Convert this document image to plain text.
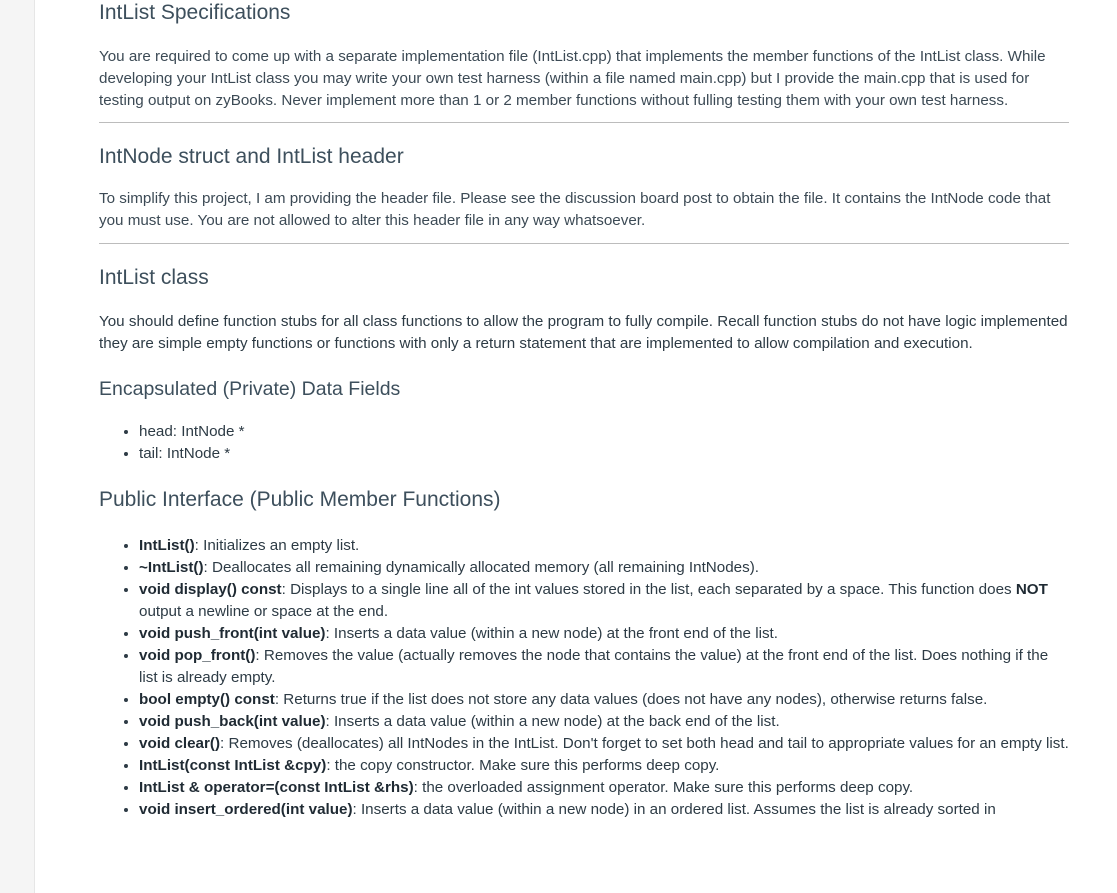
IntList Specifications

You are required to come up with a separate implementation file (IntList.cpp) that implements the member functions of the IntList class. While developing your IntList class you may write your own test harness (within a file named main.cpp) but I provide the main.cpp that is used for testing output on zyBooks. Never implement more than 1 or 2 member functions without fulling testing them with your own test harness.

IntNode struct and IntList header

To simplify this project, I am providing the header file. Please see the discussion board post to obtain the file. It contains the IntNode code that you must use. You are not allowed to alter this header file in any way whatsoever.

IntList class

You should define function stubs for all class functions to allow the program to fully compile. Recall function stubs do not have logic implemented they are simple empty functions or functions with only a return statement that are implemented to allow compilation and execution.

Encapsulated (Private) Data Fields
• head: IntNode *
• tail: IntNode *
Public Interface (Public Member Functions)
• IntList(): Initializes an empty list.
• ~IntList(): Deallocates all remaining dynamically allocated memory (all remaining IntNodes).
• void display() const: Displays to a single line all of the int values stored in the list, each separated by a space. This function does NOT output a newline or space at the end.
• void push_front(int value): Inserts a data value (within a new node) at the front end of the list.
• void pop_front(): Removes the value (actually removes the node that contains the value) at the front end of the list. Does nothing if the list is already empty.
• bool empty() const: Returns true if the list does not store any data values (does not have any nodes), otherwise returns false.
• void push_back(int value): Inserts a data value (within a new node) at the back end of the list.
• void clear(): Removes (deallocates) all IntNodes in the IntList. Don't forget to set both head and tail to appropriate values for an empty list.
• IntList(const IntList &cpy): the copy constructor. Make sure this performs deep copy.
• IntList & operator=(const IntList &rhs): the overloaded assignment operator. Make sure this performs deep copy.
• void insert_ordered(int value): Inserts a data value (within a new node) in an ordered list. Assumes the list is already sorted in
